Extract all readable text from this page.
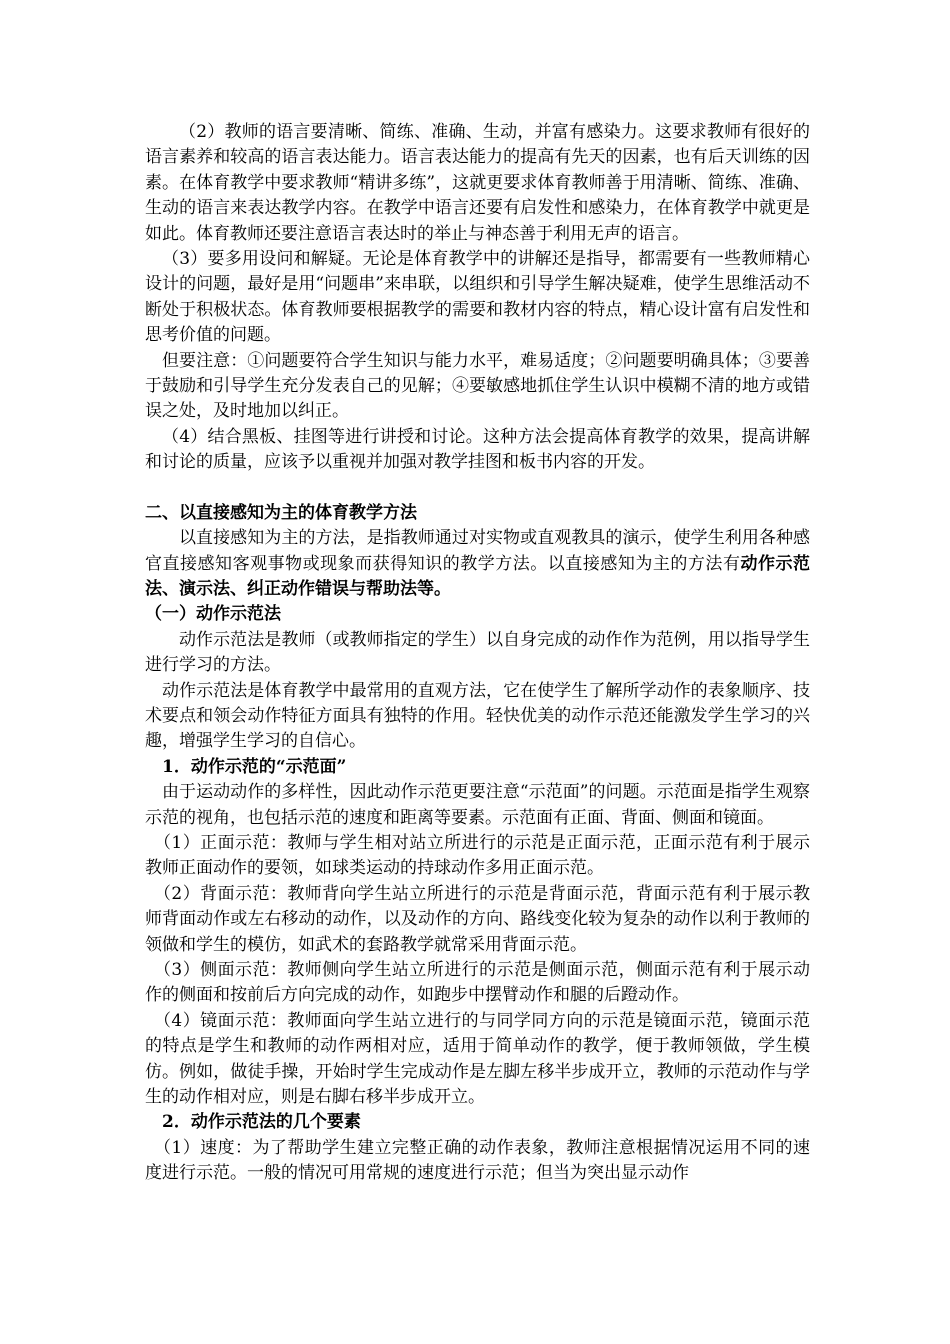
（2）教师的语言要清晰、简练、准确、生动，并富有感染力。这要求教师有很好的语言素养和较高的语言表达能力。语言表达能力的提高有先天的因素，也有后天训练的因素。在体育教学中要求教师“精讲多练”，这就更要求体育教师善于用清晰、简练、准确、生动的语言来表达教学内容。在教学中语言还要有启发性和感染力，在体育教学中就更是如此。体育教师还要注意语言表达时的举止与神态善于利用无声的语言。

（3）要多用设问和解疑。无论是体育教学中的讲解还是指导，都需要有一些教师精心设计的问题，最好是用“问题串”来串联，以组织和引导学生解决疑难，使学生思维活动不断处于积极状态。体育教师要根据教学的需要和教材内容的特点，精心设计富有启发性和思考价值的问题。

但要注意：①问题要符合学生知识与能力水平，难易适度；②问题要明确具体；③要善于鼓励和引导学生充分发表自己的见解；④要敏感地抓住学生认识中模糊不清的地方或错误之处，及时地加以纠正。

（4）结合黑板、挂图等进行讲授和讨论。这种方法会提高体育教学的效果，提高讲解和讨论的质量，应该予以重视并加强对教学挂图和板书内容的开发。

二、以直接感知为主的体育教学方法

以直接感知为主的方法，是指教师通过对实物或直观教具的演示，使学生利用各种感官直接感知客观事物或现象而获得知识的教学方法。以直接感知为主的方法有动作示范法、演示法、纠正动作错误与帮助法等。

（一）动作示范法

动作示范法是教师（或教师指定的学生）以自身完成的动作作为范例，用以指导学生进行学习的方法。

动作示范法是体育教学中最常用的直观方法，它在使学生了解所学动作的表象顺序、技术要点和领会动作特征方面具有独特的作用。轻快优美的动作示范还能激发学生学习的兴趣，增强学生学习的自信心。

1．动作示范的“示范面”

由于运动动作的多样性，因此动作示范更要注意“示范面”的问题。示范面是指学生观察示范的视角，也包括示范的速度和距离等要素。示范面有正面、背面、侧面和镜面。

（1）正面示范：教师与学生相对站立所进行的示范是正面示范，正面示范有利于展示教师正面动作的要领，如球类运动的持球动作多用正面示范。

（2）背面示范：教师背向学生站立所进行的示范是背面示范，背面示范有利于展示教师背面动作或左右移动的动作，以及动作的方向、路线变化较为复杂的动作以利于教师的领做和学生的模仿，如武术的套路教学就常采用背面示范。

（3）侧面示范：教师侧向学生站立所进行的示范是侧面示范，侧面示范有利于展示动作的侧面和按前后方向完成的动作，如跑步中摆臂动作和腿的后蹬动作。

（4）镜面示范：教师面向学生站立进行的与同学同方向的示范是镜面示范，镜面示范的特点是学生和教师的动作两相对应，适用于简单动作的教学，便于教师领做，学生模仿。例如，做徒手操，开始时学生完成动作是左脚左移半步成开立，教师的示范动作与学生的动作相对应，则是右脚右移半步成开立。

2．动作示范法的几个要素

（1）速度：为了帮助学生建立完整正确的动作表象，教师注意根据情况运用不同的速度进行示范。一般的情况可用常规的速度进行示范；但当为突出显示动作
